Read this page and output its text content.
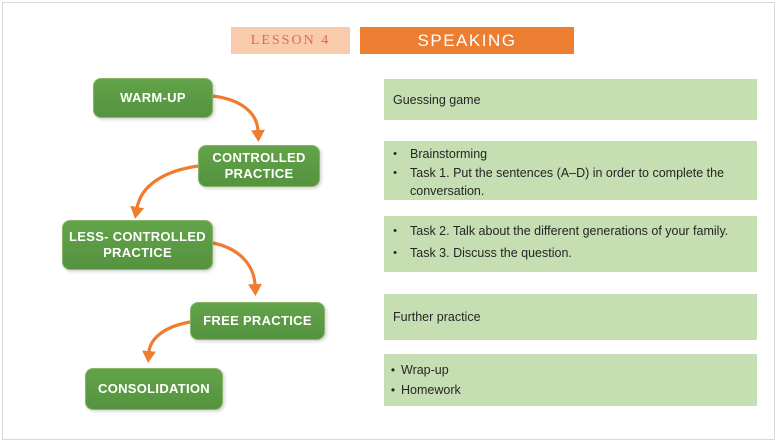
LESSON 4	SPEAKING
WARM-UP
CONTROLLED PRACTICE
LESS- CONTROLLED PRACTICE
FREE PRACTICE
CONSOLIDATION
Guessing game
• Brainstorming
• Task 1. Put the sentences (A–D) in order to complete the conversation.
• Task 2. Talk about the different generations of your family.
• Task 3. Discuss the question.
Further practice
• Wrap-up
• Homework
